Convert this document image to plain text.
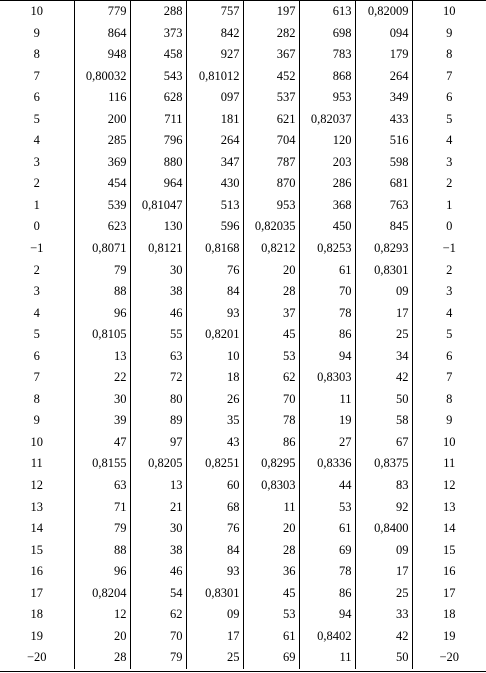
10	779	288	757	197	613	0,82009	10
9	864	373	842	282	698	094	9
8	948	458	927	367	783	179	8
7	0,80032	543	0,81012	452	868	264	7
6	116	628	097	537	953	349	6
5	200	711	181	621	0,82037	433	5
4	285	796	264	704	120	516	4
3	369	880	347	787	203	598	3
2	454	964	430	870	286	681	2
1	539	0,81047	513	953	368	763	1
0	623	130	596	0,82035	450	845	0
−1	0,8071	0,8121	0,8168	0,8212	0,8253	0,8293	−1
2	79	30	76	20	61	0,8301	2
3	88	38	84	28	70	09	3
4	96	46	93	37	78	17	4
5	0,8105	55	0,8201	45	86	25	5
6	13	63	10	53	94	34	6
7	22	72	18	62	0,8303	42	7
8	30	80	26	70	11	50	8
9	39	89	35	78	19	58	9
10	47	97	43	86	27	67	10
11	0,8155	0,8205	0,8251	0,8295	0,8336	0,8375	11
12	63	13	60	0,8303	44	83	12
13	71	21	68	11	53	92	13
14	79	30	76	20	61	0,8400	14
15	88	38	84	28	69	09	15
16	96	46	93	36	78	17	16
17	0,8204	54	0,8301	45	86	25	17
18	12	62	09	53	94	33	18
19	20	70	17	61	0,8402	42	19
−20	28	79	25	69	11	50	−20
